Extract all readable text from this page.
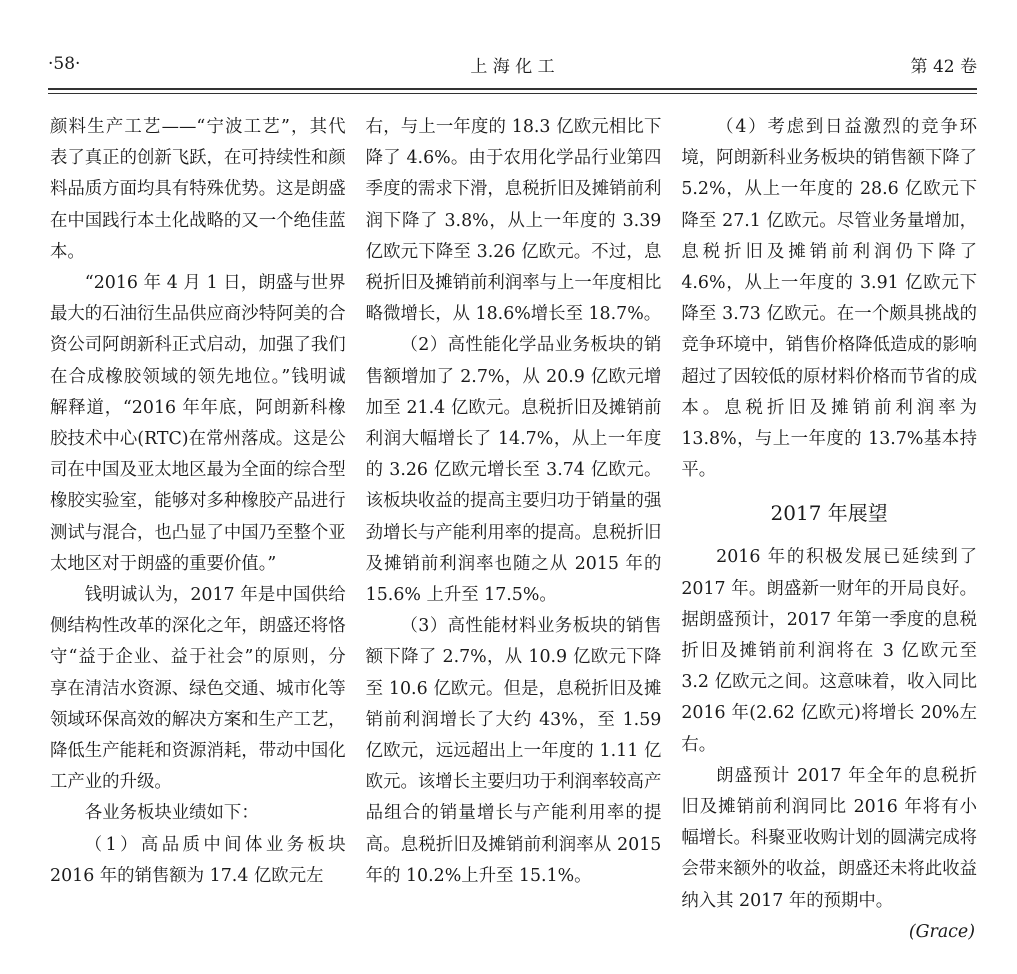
·58·	上 海 化 工	第 42 卷

颜料生产工艺——“宁波工艺”，其代表了真正的创新飞跃，在可持续性和颜料品质方面均具有特殊优势。这是朗盛在中国践行本土化战略的又一个绝佳蓝本。

“2016 年 4 月 1 日，朗盛与世界最大的石油衍生品供应商沙特阿美的合资公司阿朗新科正式启动，加强了我们在合成橡胶领域的领先地位。”钱明诚解释道，“2016 年年底，阿朗新科橡胶技术中心(RTC)在常州落成。这是公司在中国及亚太地区最为全面的综合型橡胶实验室，能够对多种橡胶产品进行测试与混合，也凸显了中国乃至整个亚太地区对于朗盛的重要价值。”

钱明诚认为，2017 年是中国供给侧结构性改革的深化之年，朗盛还将恪守“益于企业、益于社会”的原则，分享在清洁水资源、绿色交通、城市化等领域环保高效的解决方案和生产工艺，降低生产能耗和资源消耗，带动中国化工产业的升级。

各业务板块业绩如下：

（1）高品质中间体业务板块 2016 年的销售额为 17.4 亿欧元左

右，与上一年度的 18.3 亿欧元相比下降了 4.6%。由于农用化学品行业第四季度的需求下滑，息税折旧及摊销前利润下降了 3.8%，从上一年度的 3.39 亿欧元下降至 3.26 亿欧元。不过，息税折旧及摊销前利润率与上一年度相比略微增长，从 18.6%增长至 18.7%。

（2）高性能化学品业务板块的销售额增加了 2.7%，从 20.9 亿欧元增加至 21.4 亿欧元。息税折旧及摊销前利润大幅增长了 14.7%，从上一年度的 3.26 亿欧元增长至 3.74 亿欧元。该板块收益的提高主要归功于销量的强劲增长与产能利用率的提高。息税折旧及摊销前利润率也随之从 2015 年的 15.6% 上升至 17.5%。

（3）高性能材料业务板块的销售额下降了 2.7%，从 10.9 亿欧元下降至 10.6 亿欧元。但是，息税折旧及摊销前利润增长了大约 43%，至 1.59 亿欧元，远远超出上一年度的 1.11 亿欧元。该增长主要归功于利润率较高产品组合的销量增长与产能利用率的提高。息税折旧及摊销前利润率从 2015 年的 10.2%上升至 15.1%。

（4）考虑到日益激烈的竞争环境，阿朗新科业务板块的销售额下降了 5.2%，从上一年度的 28.6 亿欧元下降至 27.1 亿欧元。尽管业务量增加，息税折旧及摊销前利润仍下降了 4.6%，从上一年度的 3.91 亿欧元下降至 3.73 亿欧元。在一个颇具挑战的竞争环境中，销售价格降低造成的影响超过了因较低的原材料价格而节省的成本。息税折旧及摊销前利润率为 13.8%，与上一年度的 13.7%基本持平。

2017 年展望

2016 年的积极发展已延续到了 2017 年。朗盛新一财年的开局良好。据朗盛预计，2017 年第一季度的息税折旧及摊销前利润将在 3 亿欧元至 3.2 亿欧元之间。这意味着，收入同比 2016 年(2.62 亿欧元)将增长 20%左右。

朗盛预计 2017 年全年的息税折旧及摊销前利润同比 2016 年将有小幅增长。科聚亚收购计划的圆满完成将会带来额外的收益，朗盛还未将此收益纳入其 2017 年的预期中。

(Grace)
